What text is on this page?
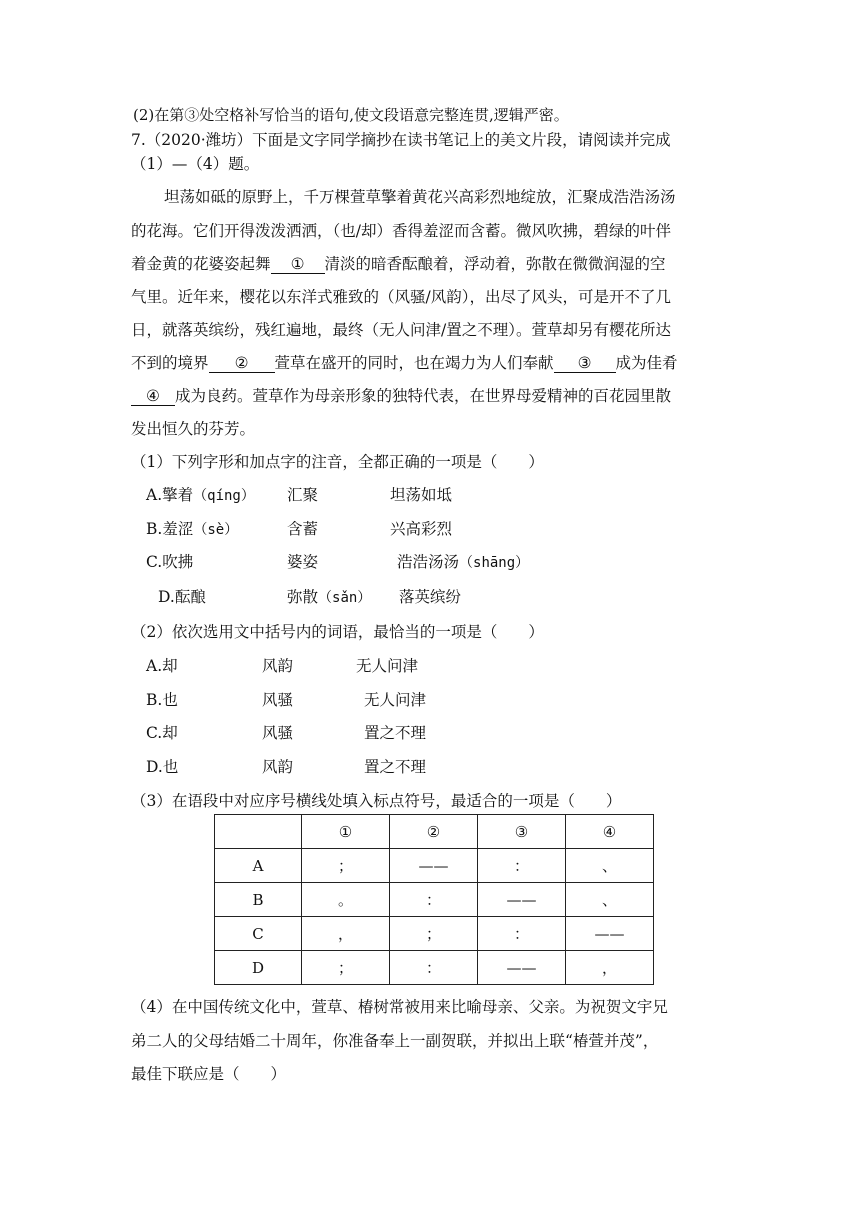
(2)在第③处空格补写恰当的语句,使文段语意完整连贯,逻辑严密。
7.（2020·潍坊）下面是文字同学摘抄在读书笔记上的美文片段，请阅读并完成
（1）—（4）题。
坦荡如砥的原野上，千万棵萱草擎着黄花兴高彩烈地绽放，汇聚成浩浩汤汤
的花海。它们开得泼泼洒洒，（也/却）香得羞涩而含蓄。微风吹拂，碧绿的叶伴
着金黄的花婆姿起舞 ① 清淡的暗香酝酿着，浮动着，弥散在微微润湿的空
气里。近年来，樱花以东洋式雅致的（风骚/风韵），出尽了风头，可是开不了几
日，就落英缤纷，残红遍地，最终（无人问津/置之不理）。萱草却另有樱花所达
不到的境界 ② 萱草在盛开的同时，也在竭力为人们奉献 ③ 成为佳肴
④ 成为良药。萱草作为母亲形象的独特代表，在世界母爱精神的百花园里散
发出恒久的芬芳。
（1）下列字形和加点字的注音，全都正确的一项是（　　）
A.擎着（qíng） 汇聚	坦荡如坻
B.羞涩（sè）	含蓄	兴高彩烈
C.吹拂	婆姿	浩浩汤汤（shāng）
D.酝酿	弥散（sǎn） 落英缤纷
（2）依次选用文中括号内的词语，最恰当的一项是（　　）
A.却	风韵	无人问津
B.也	风骚	无人问津
C.却	风骚	置之不理
D.也	风韵	置之不理
（3）在语段中对应序号横线处填入标点符号，最适合的一项是（　　）
	①	②	③	④
A	；	——	：	、
B	。	：	——	、
C	，	；	：	——
D	；	：	——	，
（4）在中国传统文化中，萱草、椿树常被用来比喻母亲、父亲。为祝贺文宇兄
弟二人的父母结婚二十周年，你准备奉上一副贺联，并拟出上联“椿萱并茂”，
最佳下联应是（　　）
